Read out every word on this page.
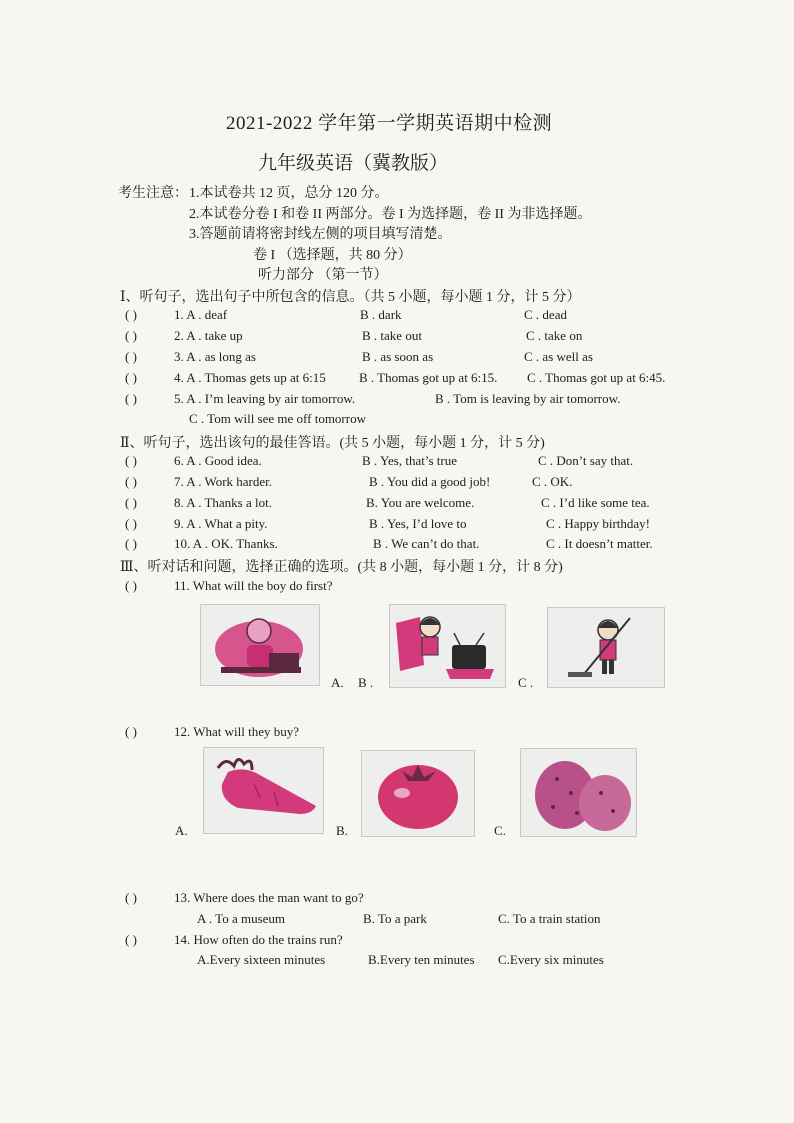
2021-2022 学年第一学期英语期中检测
九年级英语（冀教版）
考生注意： 1.本试卷共 12 页，总分 120 分。
2.本试卷分卷 I 和卷 II 两部分。卷 I 为选择题，卷 II 为非选择题。
3.答题前请将密封线左侧的项目填写清楚。
卷 I （选择题，共 80 分）
听力部分 （第一节）
Ⅰ、听句子，选出句子中所包含的信息。（共 5 小题，每小题 1 分，计 5 分）
( )	1. A . deaf	B . dark	C . dead
( )	2. A . take up	B . take out	C . take on
( )	3. A . as long as	B . as soon as	C . as well as
( )	4. A . Thomas gets up at 6:15	B . Thomas got up at 6:15. C . Thomas got up at 6:45.
( )	5. A . I’m leaving by air tomorrow.	B . Tom is leaving by air tomorrow.
C . Tom will see me off tomorrow
Ⅱ、听句子，选出该句的最佳答语。(共 5 小题，每小题 1 分，计 5 分)
( )	6. A . Good idea.	B . Yes, that’s true	C . Don’t say that.
( )	7. A . Work harder.	B . You did a good job!	C . OK.
( )	8. A . Thanks a lot.	B. You are welcome.	C . I’d like some tea.
( )	9. A . What a pity.	B . Yes, I’d love to	C . Happy birthday!
( )	10. A . OK. Thanks.	B . We can’t do that.	C . It doesn’t matter.
Ⅲ、听对话和问题，选择正确的选项。(共 8 小题，每小题 1 分，计 8 分)
( )	11. What will the boy do first?
A. B .	C .
( )	12. What will they buy?
A.	B.	C.
( )	13. Where does the man want to go?
A . To a museum	B. To a park	C. To a train station
( )	14. How often do the trains run?
A.Every sixteen minutes	B.Every ten minutes C.Every six minutes
